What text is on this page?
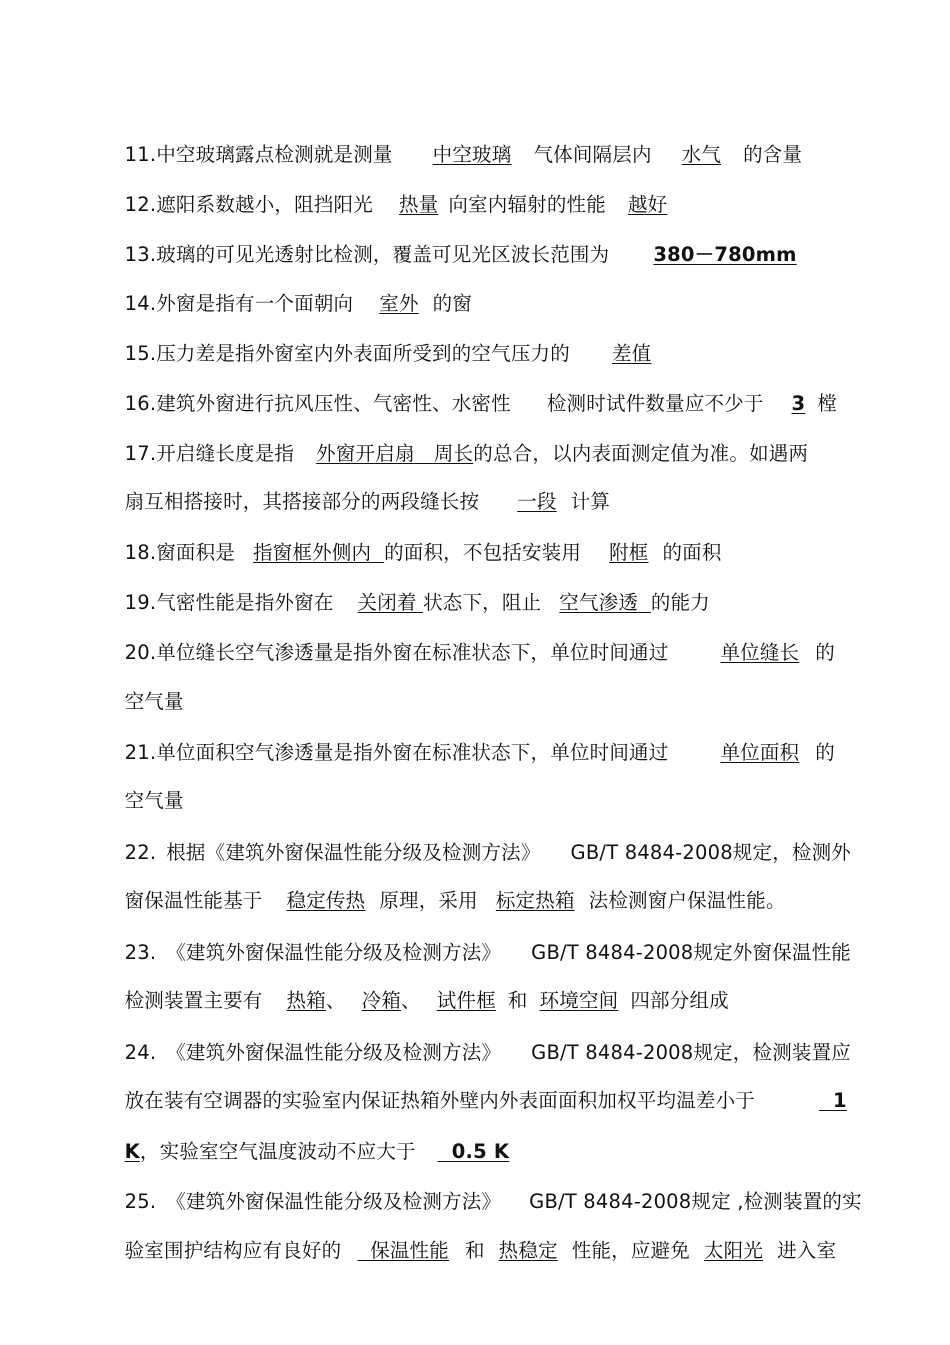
11.中空玻璃露点检测就是测量 中空玻璃 气体间隔层内 水气 的含量

12.遮阳系数越小，阻挡阳光 热量 向室内辐射的性能 越好

13.玻璃的可见光透射比检测，覆盖可见光区波长范围为 380－780mm

14.外窗是指有一个面朝向 室外 的窗

15.压力差是指外窗室内外表面所受到的空气压力的 差值

16.建筑外窗进行抗风压性、气密性、水密性 检测时试件数量应不少于 3 樘

17.开启缝长度是指 外窗开启扇 周长的总合，以内表面测定值为准。如遇两

扇互相搭接时，其搭接部分的两段缝长按 一段 计算

18.窗面积是 指窗框外侧内 的面积，不包括安装用 附框 的面积

19.气密性能是指外窗在 关闭着 状态下，阻止 空气渗透 的能力

20.单位缝长空气渗透量是指外窗在标准状态下，单位时间通过	单位缝长 的

空气量

21.单位面积空气渗透量是指外窗在标准状态下，单位时间通过	单位面积 的

空气量

22. 根据《建筑外窗保温性能分级及检测方法》 GB/T 8484-2008规定，检测外

窗保温性能基于 稳定传热 原理，采用 标定热箱 法检测窗户保温性能。

23. 《建筑外窗保温性能分级及检测方法》 GB/T 8484-2008规定外窗保温性能

检测装置主要有 热箱、 冷箱、 试件框 和 环境空间 四部分组成

24. 《建筑外窗保温性能分级及检测方法》 GB/T 8484-2008规定，检测装置应

放在装有空调器的实验室内保证热箱外壁内外表面面积加权平均温差小于	1

K，实验室空气温度波动不应大于 0.5 K

25. 《建筑外窗保温性能分级及检测方法》 GB/T 8484-2008规定 ,检测装置的实

验室围护结构应有良好的 保温性能 和 热稳定 性能，应避免 太阳光 进入室
